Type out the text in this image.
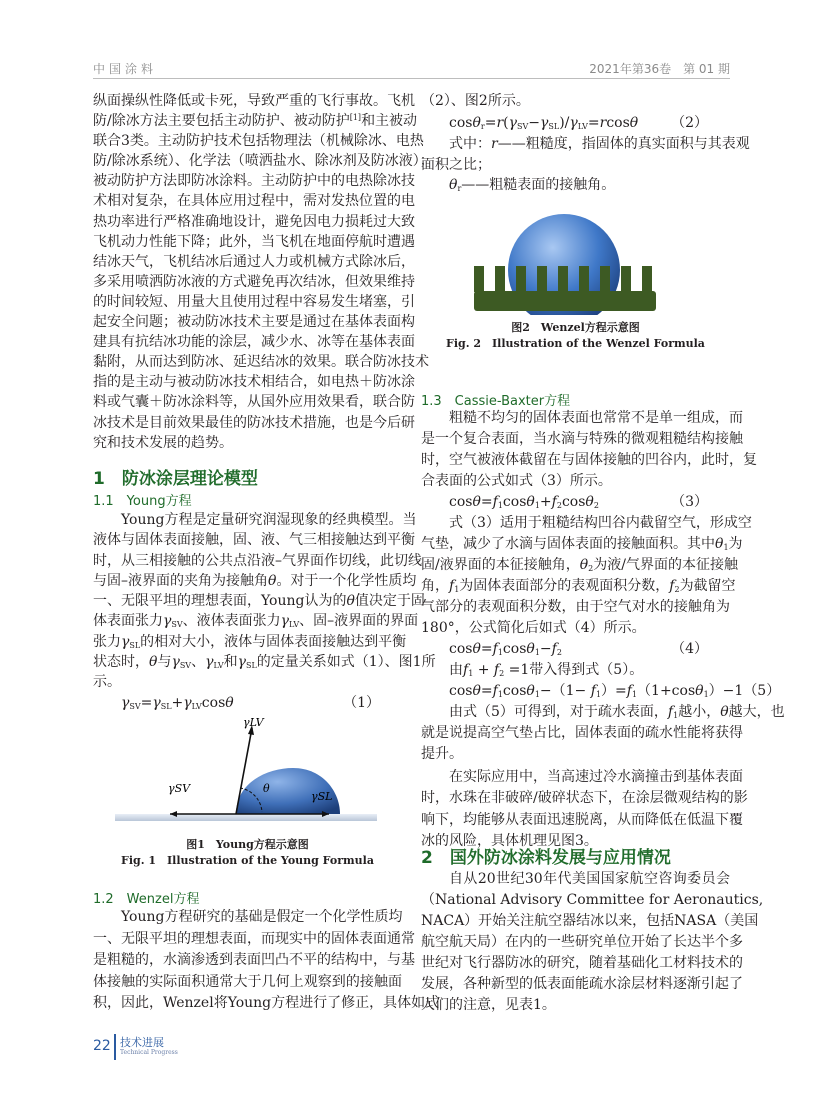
中国涂料	2021年第36卷　第 01 期
纵面操纵性降低或卡死，导致严重的飞行事故。飞机
防/除冰方法主要包括主动防护、被动防护[1]和主被动
联合3类。主动防护技术包括物理法（机械除冰、电热
防/除冰系统）、化学法（喷洒盐水、除冰剂及防冰液）；
被动防护方法即防冰涂料。主动防护中的电热除冰技
术相对复杂，在具体应用过程中，需对发热位置的电
热功率进行严格准确地设计，避免因电力损耗过大致
飞机动力性能下降；此外，当飞机在地面停航时遭遇
结冰天气，飞机结冰后通过人力或机械方式除冰后，
多采用喷洒防冰液的方式避免再次结冰，但效果维持
的时间较短、用量大且使用过程中容易发生堵塞，引
起安全问题；被动防冰技术主要是通过在基体表面构
建具有抗结冰功能的涂层，减少水、冰等在基体表面
黏附，从而达到防冰、延迟结冰的效果。联合防冰技术
指的是主动与被动防冰技术相结合，如电热＋防冰涂
料或气囊＋防冰涂料等，从国外应用效果看，联合防
冰技术是目前效果最佳的防冰技术措施，也是今后研
究和技术发展的趋势。
1　防冰涂层理论模型
1.1　Young方程
Young方程是定量研究润湿现象的经典模型。当
液体与固体表面接触，固、液、气三相接触达到平衡
时，从三相接触的公共点沿液–气界面作切线，此切线
与固–液界面的夹角为接触角θ。对于一个化学性质均
一、无限平坦的理想表面，Young认为的θ值决定于固
体表面张力$\gamma_{SV}$、液体表面张力$\gamma_{LV}$、固–液界面的界面
张力$\gamma_{SL}$的相对大小，液体与固体表面接触达到平衡
状态时，θ与$\gamma_{SV}$、$\gamma_{LV}$和$\gamma_{SL}$的定量关系如式（1）、图1所
示。
$\gamma_{SV}=\gamma_{SL}+\gamma_{LV}\cos\theta$	（1）
γLV
γSV	θ
γSL
图1　Young方程示意图
Fig. 1　Illustration of the Young Formula
1.2　Wenzel方程
Young方程研究的基础是假定一个化学性质均
一、无限平坦的理想表面，而现实中的固体表面通常
是粗糙的，水滴渗透到表面凹凸不平的结构中，与基
体接触的实际面积通常大于几何上观察到的接触面
积，因此，Wenzel将Young方程进行了修正，具体如式
（2）、图2所示。
$\cos\theta_r=r(\gamma_{SV}-\gamma_{SL})/\gamma_{LV}=rcos\theta$ （2）
式中：r——粗糙度，指固体的真实面积与其表观
面积之比；
$\theta_r——$粗糙表面的接触角。
图2　Wenzel方程示意图
Fig. 2　Illustration of the Wenzel Formula
1.3　Cassie-Baxter方程
粗糙不均匀的固体表面也常常不是单一组成，而
是一个复合表面，当水滴与特殊的微观粗糙结构接触
时，空气被液体截留在与固体接触的凹谷内，此时，复
合表面的公式如式（3）所示。
$\cos\theta=f_1\cos\theta_1+f_2\cos\theta_2$	（3）
式（3）适用于粗糙结构凹谷内截留空气，形成空
气垫，减少了水滴与固体表面的接触面积。其中$\theta_1$为
固/液界面的本征接触角，$\theta_2$为液/气界面的本征接触
角，$f_1$为固体表面部分的表观面积分数，$f_2$为截留空
气部分的表观面积分数，由于空气对水的接触角为
180°，公式简化后如式（4）所示。
$\cos\theta=f_1\cos\theta_1-f_2$	（4）
由$f_1 + f_2 =1$带入得到式（5）。
$\cos\theta=f_1\cos\theta_1-(1- f_1)=f_1(1+\cos\theta_1)-1$ （5）
由式（5）可得到，对于疏水表面，$f_1$越小，θ越大，也
就是说提高空气垫占比，固体表面的疏水性能将获得
提升。
在实际应用中，当高速过冷水滴撞击到基体表面
时，水珠在非破碎/破碎状态下，在涂层微观结构的影
响下，均能够从表面迅速脱离，从而降低在低温下覆
冰的风险，具体机理见图3。
2　国外防冰涂料发展与应用情况
自从20世纪30年代美国国家航空咨询委员会
（National Advisory Committee for Aeronautics,
NACA）开始关注航空器结冰以来，包括NASA（美国
航空航天局）在内的一些研究单位开始了长达半个多
世纪对飞行器防冰的研究，随着基础化工材料技术的
发展，各种新型的低表面能疏水涂层材料逐渐引起了
人们的注意，见表1。
22 技术进展
Technical Progress
